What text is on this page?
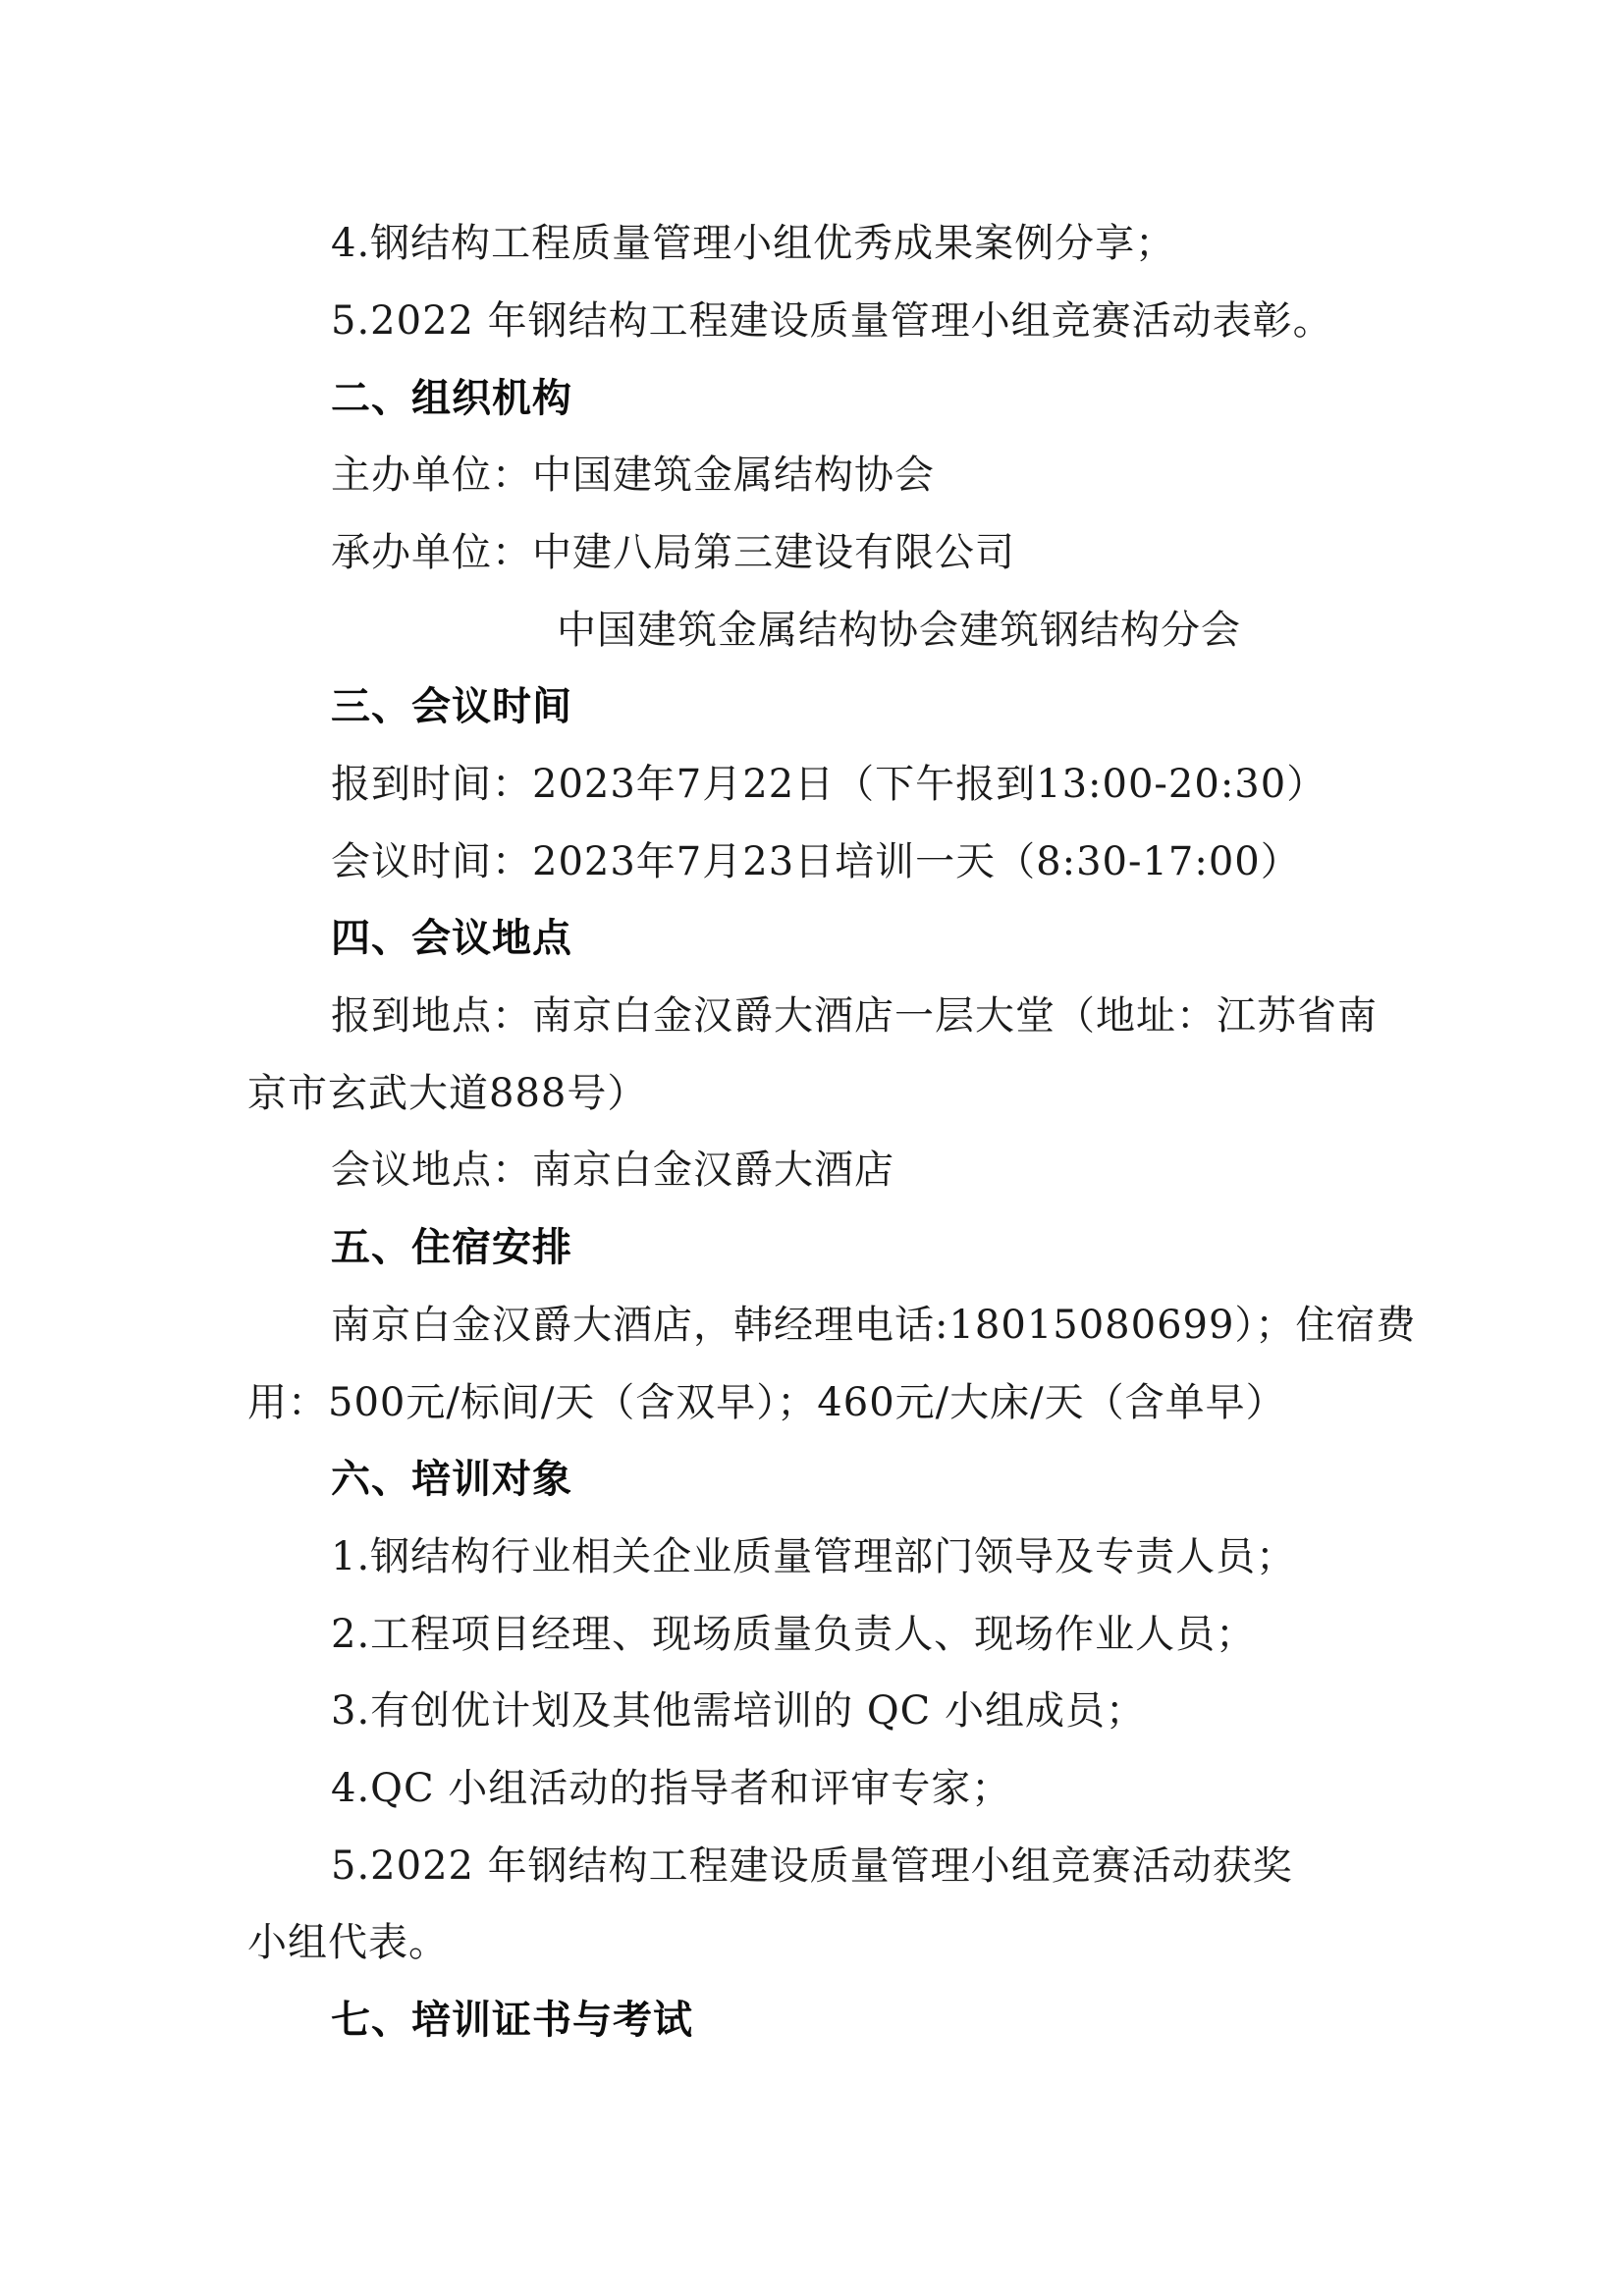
4.钢结构工程质量管理小组优秀成果案例分享；
5.2022 年钢结构工程建设质量管理小组竞赛活动表彰。
二、组织机构
主办单位：中国建筑金属结构协会
承办单位：中建八局第三建设有限公司
中国建筑金属结构协会建筑钢结构分会
三、会议时间
报到时间：2023年7月22日（下午报到13:00-20:30）
会议时间：2023年7月23日培训一天（8:30-17:00）
四、会议地点
报到地点：南京白金汉爵大酒店一层大堂（地址：江苏省南
京市玄武大道888号）
会议地点：南京白金汉爵大酒店
五、住宿安排
南京白金汉爵大酒店，韩经理电话:18015080699）；住宿费
用：500元/标间/天（含双早）；460元/大床/天（含单早）
六、培训对象
1.钢结构行业相关企业质量管理部门领导及专责人员；
2.工程项目经理、现场质量负责人、现场作业人员；
3.有创优计划及其他需培训的 QC 小组成员；
4.QC 小组活动的指导者和评审专家；
5.2022 年钢结构工程建设质量管理小组竞赛活动获奖
小组代表。
七、培训证书与考试
